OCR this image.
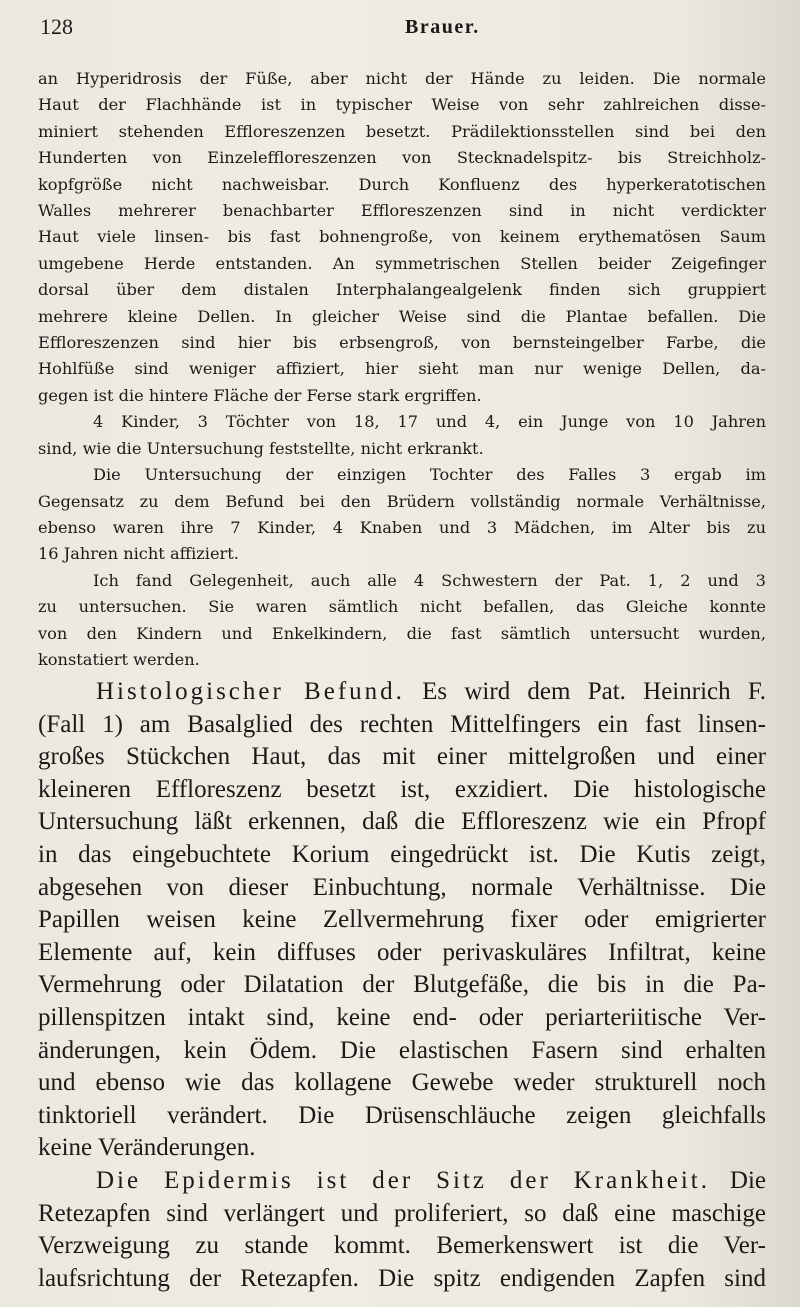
128	Brauer.
an Hyperidrosis der Füße, aber nicht der Hände zu leiden. Die normale
Haut der Flachhände ist in typischer Weise von sehr zahlreichen disse-
miniert stehenden Effloreszenzen besetzt. Prädilektionsstellen sind bei den
Hunderten von Einzeleffloreszenzen von Stecknadelspitz- bis Streichholz-
kopfgröße nicht nachweisbar. Durch Konfluenz des hyperkeratotischen
Walles mehrerer benachbarter Effloreszenzen sind in nicht verdickter
Haut viele linsen- bis fast bohnengroße, von keinem erythematösen Saum
umgebene Herde entstanden. An symmetrischen Stellen beider Zeigefinger
dorsal über dem distalen Interphalangealgelenk finden sich gruppiert
mehrere kleine Dellen. In gleicher Weise sind die Plantae befallen. Die
Effloreszenzen sind hier bis erbsengroß, von bernsteingelber Farbe, die
Hohlfüße sind weniger affiziert, hier sieht man nur wenige Dellen, da-
gegen ist die hintere Fläche der Ferse stark ergriffen.
4 Kinder, 3 Töchter von 18, 17 und 4, ein Junge von 10 Jahren
sind, wie die Untersuchung feststellte, nicht erkrankt.
Die Untersuchung der einzigen Tochter des Falles 3 ergab im
Gegensatz zu dem Befund bei den Brüdern vollständig normale Verhältnisse,
ebenso waren ihre 7 Kinder, 4 Knaben und 3 Mädchen, im Alter bis zu
16 Jahren nicht affiziert.
Ich fand Gelegenheit, auch alle 4 Schwestern der Pat. 1, 2 und 3
zu untersuchen. Sie waren sämtlich nicht befallen, das Gleiche konnte
von den Kindern und Enkelkindern, die fast sämtlich untersucht wurden,
konstatiert werden.
Histologischer Befund. Es wird dem Pat. Heinrich F.
(Fall 1) am Basalglied des rechten Mittelfingers ein fast linsen-
großes Stückchen Haut, das mit einer mittelgroßen und einer
kleineren Effloreszenz besetzt ist, exzidiert. Die histologische
Untersuchung läßt erkennen, daß die Effloreszenz wie ein Pfropf
in das eingebuchtete Korium eingedrückt ist. Die Kutis zeigt,
abgesehen von dieser Einbuchtung, normale Verhältnisse. Die
Papillen weisen keine Zellvermehrung fixer oder emigrierter
Elemente auf, kein diffuses oder perivaskuläres Infiltrat, keine
Vermehrung oder Dilatation der Blutgefäße, die bis in die Pa-
pillenspitzen intakt sind, keine end- oder periarteriitische Ver-
änderungen, kein Ödem. Die elastischen Fasern sind erhalten
und ebenso wie das kollagene Gewebe weder strukturell noch
tinktoriell verändert. Die Drüsenschläuche zeigen gleichfalls
keine Veränderungen.
Die Epidermis ist der Sitz der Krankheit. Die
Retezapfen sind verlängert und proliferiert, so daß eine maschige
Verzweigung zu stande kommt. Bemerkenswert ist die Ver-
laufsrichtung der Retezapfen. Die spitz endigenden Zapfen sind
